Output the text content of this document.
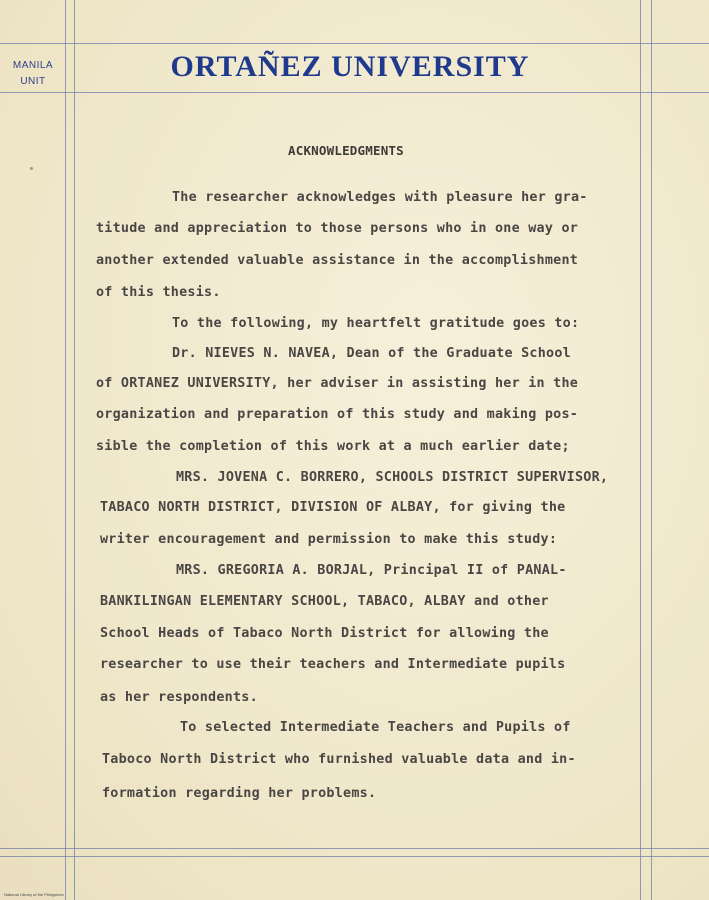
MANILA
UNIT	ORTAÑEZ UNIVERSITY
ACKNOWLEDGMENTS
The researcher acknowledges with pleasure her gra-
titude and appreciation to those persons who in one way or
another extended valuable assistance in the accomplishment
of this thesis.
To the following, my heartfelt gratitude goes to:
Dr. NIEVES N. NAVEA, Dean of the Graduate School
of ORTANEZ UNIVERSITY, her adviser in assisting her in the
organization and preparation of this study and making pos-
sible the completion of this work at a much earlier date;
MRS. JOVENA C. BORRERO, SCHOOLS DISTRICT SUPERVISOR,
TABACO NORTH DISTRICT, DIVISION OF ALBAY, for giving the
writer encouragement and permission to make this study:
MRS. GREGORIA A. BORJAL, Principal II of PANAL-
BANKILINGAN ELEMENTARY SCHOOL, TABACO, ALBAY and other
School Heads of Tabaco North District for allowing the
researcher to use their teachers and Intermediate pupils
as her respondents.
To selected Intermediate Teachers and Pupils of
Taboco North District who furnished valuable data and in-
formation regarding her problems.
National Library of the Philippines
